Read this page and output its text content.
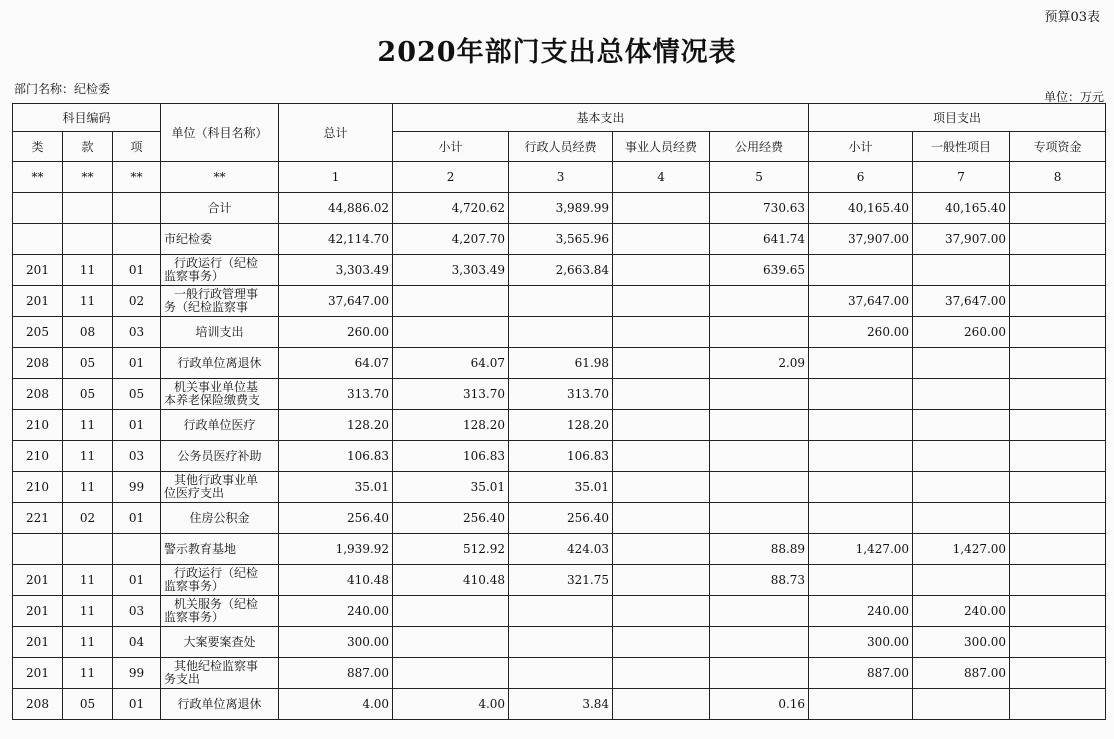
预算03表
2020年部门支出总体情况表
部门名称：纪检委
单位：万元
科目编码			单位（科目名称）	总计	基本支出				项目支出		
类	款	项			小计	行政人员经费	事业人员经费	公用经费	小计	一般性项目	专项资金
**	**	**	**	1	2	3	4	5	6	7	8
			合计	44,886.02	4,720.62	3,989.99		730.63	40,165.40	40,165.40	
			市纪检委	42,114.70	4,207.70	3,565.96		641.74	37,907.00	37,907.00	
201	11	01	行政运行（纪检
监察事务）	3,303.49	3,303.49	2,663.84		639.65			
201	11	02	一般行政管理事
务（纪检监察事	37,647.00					37,647.00	37,647.00	
205	08	03	培训支出	260.00					260.00	260.00	
208	05	01	行政单位离退休	64.07	64.07	61.98		2.09			
208	05	05	机关事业单位基
本养老保险缴费支	313.70	313.70	313.70					
210	11	01	行政单位医疗	128.20	128.20	128.20					
210	11	03	公务员医疗补助	106.83	106.83	106.83					
210	11	99	其他行政事业单
位医疗支出	35.01	35.01	35.01					
221	02	01	住房公积金	256.40	256.40	256.40					
			警示教育基地	1,939.92	512.92	424.03		88.89	1,427.00	1,427.00	
201	11	01	行政运行（纪检
监察事务）	410.48	410.48	321.75		88.73			
201	11	03	机关服务（纪检
监察事务）	240.00					240.00	240.00	
201	11	04	大案要案查处	300.00					300.00	300.00	
201	11	99	其他纪检监察事
务支出	887.00					887.00	887.00	
208	05	01	行政单位离退休	4.00	4.00	3.84		0.16			
